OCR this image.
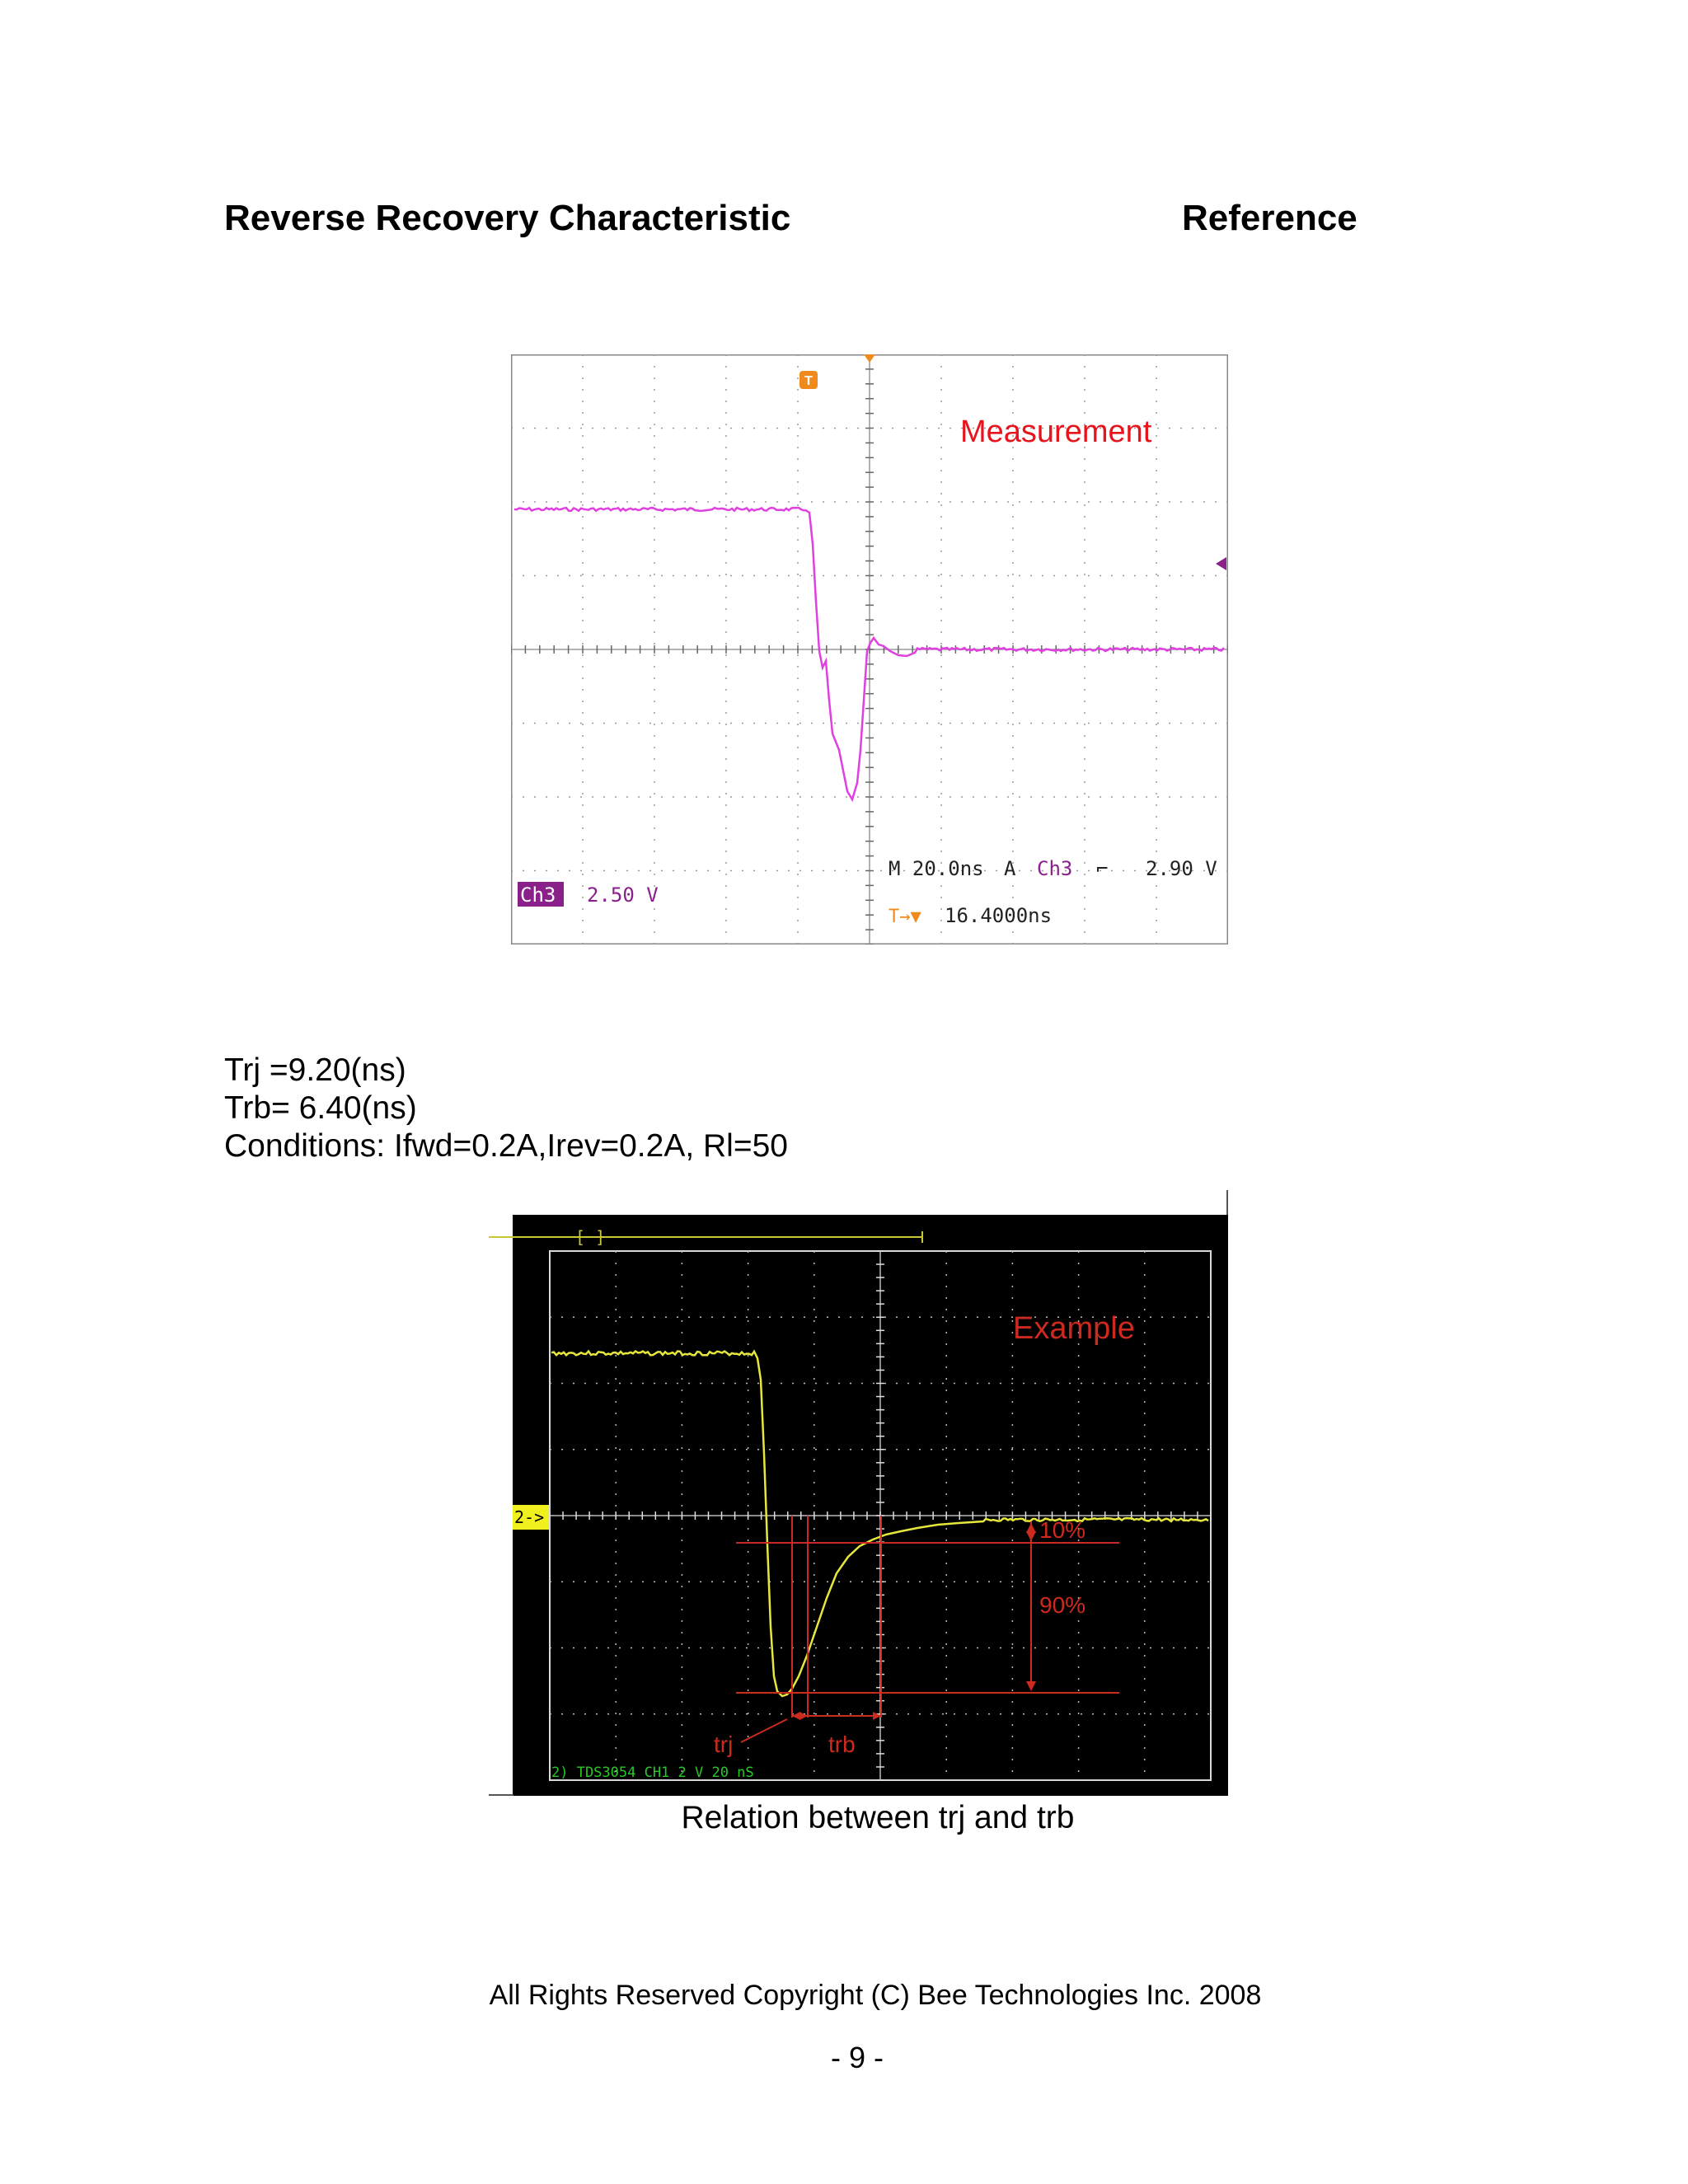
Reverse Recovery Characteristic	Reference
T
Measurement
M 20.0ns A Ch3 ⌐ 2.90 V
Ch3 2.50 V
T→▼ 16.4000ns
Trj =9.20(ns)
Trb= 6.40(ns)
Conditions: Ifwd=0.2A,Irev=0.2A, Rl=50
[ ]
2->
Example
10%
90%
trj	trb
2) TDS3054 CH1 2 V 20 nS
Relation between trj and trb
All Rights Reserved Copyright (C) Bee Technologies Inc. 2008
- 9 -
